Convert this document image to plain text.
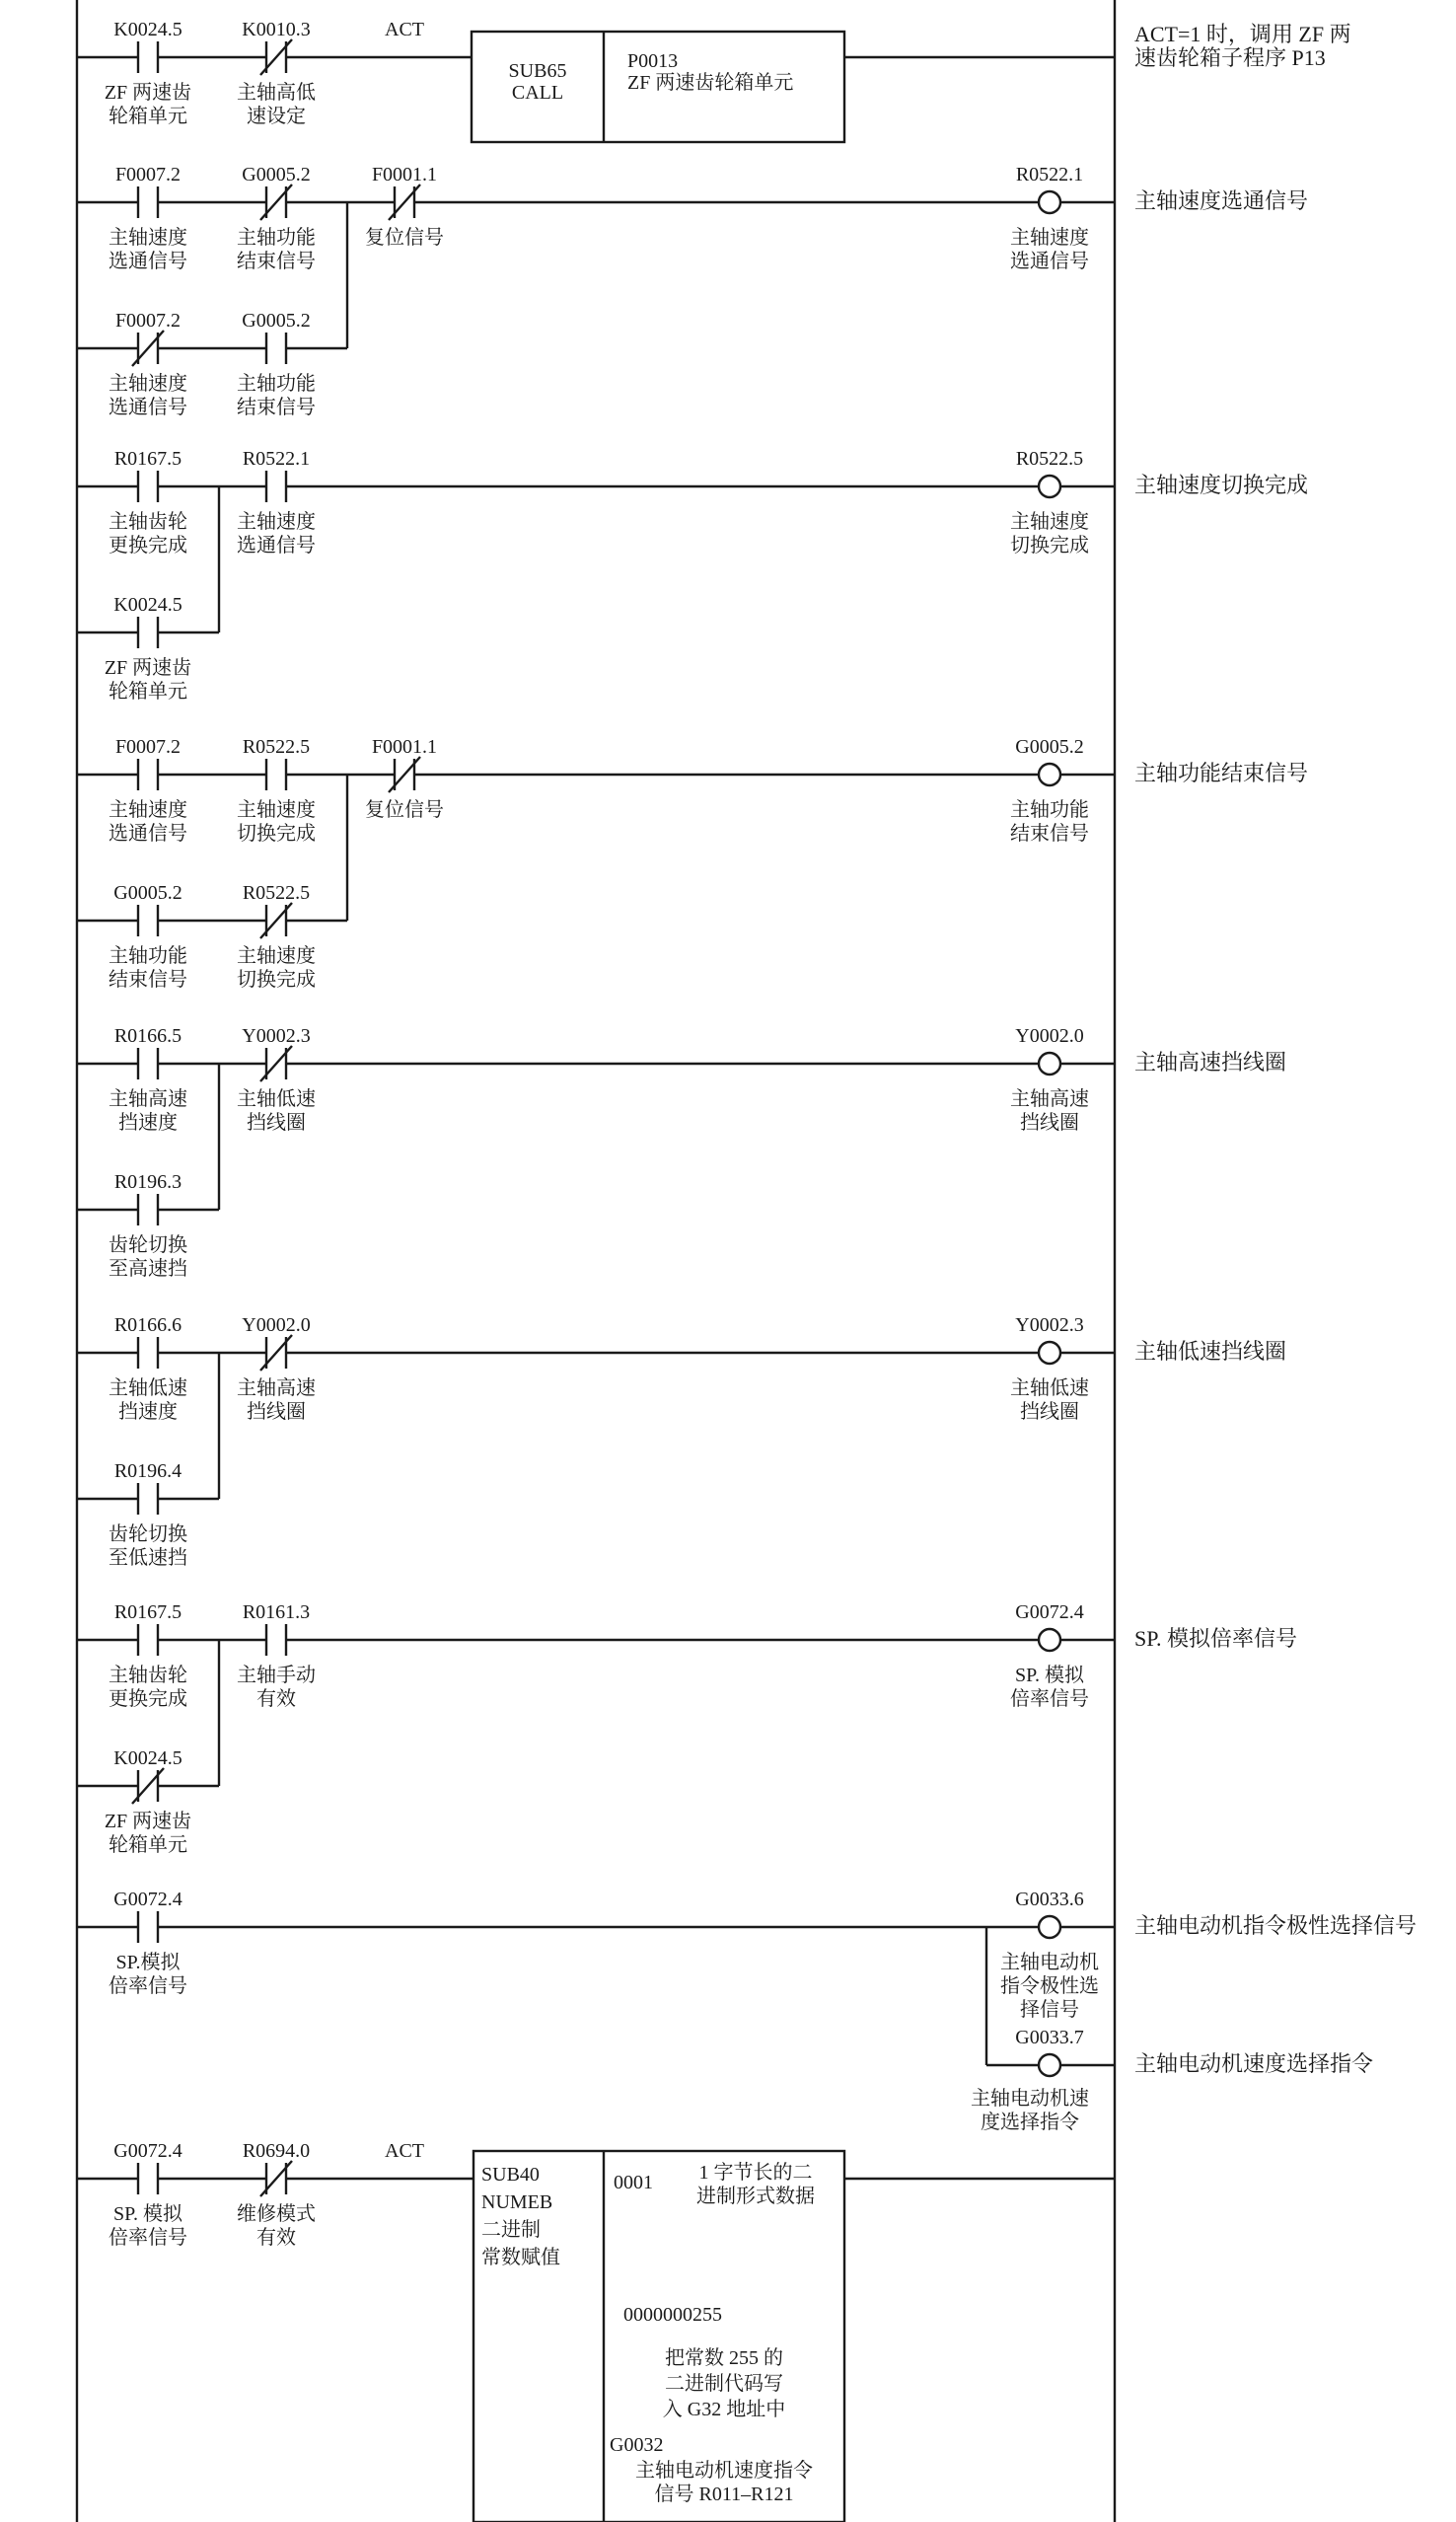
K0024.5
ZF 两速齿
轮箱单元
K0010.3
主轴高低
速设定
ACT
SUB65
CALL
P0013
ZF 两速齿轮箱单元
ACT=1 时，调用 ZF 两
速齿轮箱子程序 P13
F0007.2
主轴速度
选通信号
G0005.2
主轴功能
结束信号
F0001.1
复位信号
R0522.1
主轴速度
选通信号
主轴速度选通信号
F0007.2
主轴速度
选通信号
G0005.2
主轴功能
结束信号
R0167.5
主轴齿轮
更换完成
R0522.1
主轴速度
选通信号
R0522.5
主轴速度
切换完成
主轴速度切换完成
K0024.5
ZF 两速齿
轮箱单元
F0007.2
主轴速度
选通信号
R0522.5
主轴速度
切换完成
F0001.1
复位信号
G0005.2
主轴功能
结束信号
主轴功能结束信号
G0005.2
主轴功能
结束信号
R0522.5
主轴速度
切换完成
R0166.5
主轴高速
挡速度
Y0002.3
主轴低速
挡线圈
Y0002.0
主轴高速
挡线圈
主轴高速挡线圈
R0196.3
齿轮切换
至高速挡
R0166.6
主轴低速
挡速度
Y0002.0
主轴高速
挡线圈
Y0002.3
主轴低速
挡线圈
主轴低速挡线圈
R0196.4
齿轮切换
至低速挡
R0167.5
主轴齿轮
更换完成
R0161.3
主轴手动
有效
G0072.4
SP. 模拟
倍率信号
SP. 模拟倍率信号
K0024.5
ZF 两速齿
轮箱单元
G0072.4
SP.模拟
倍率信号
G0033.6
主轴电动机
指令极性选
择信号
主轴电动机指令极性选择信号
G0033.7
主轴电动机速
度选择指令
主轴电动机速度选择指令
G0072.4
SP. 模拟
倍率信号
R0694.0
维修模式
有效
ACT
SUB40
NUMEB
二进制
常数赋值
0001 1 字节长的二
进制形式数据
0000000255
把常数 255 的
二进制代码写
入 G32 地址中
G0032
主轴电动机速度指令
信号 R011–R121
